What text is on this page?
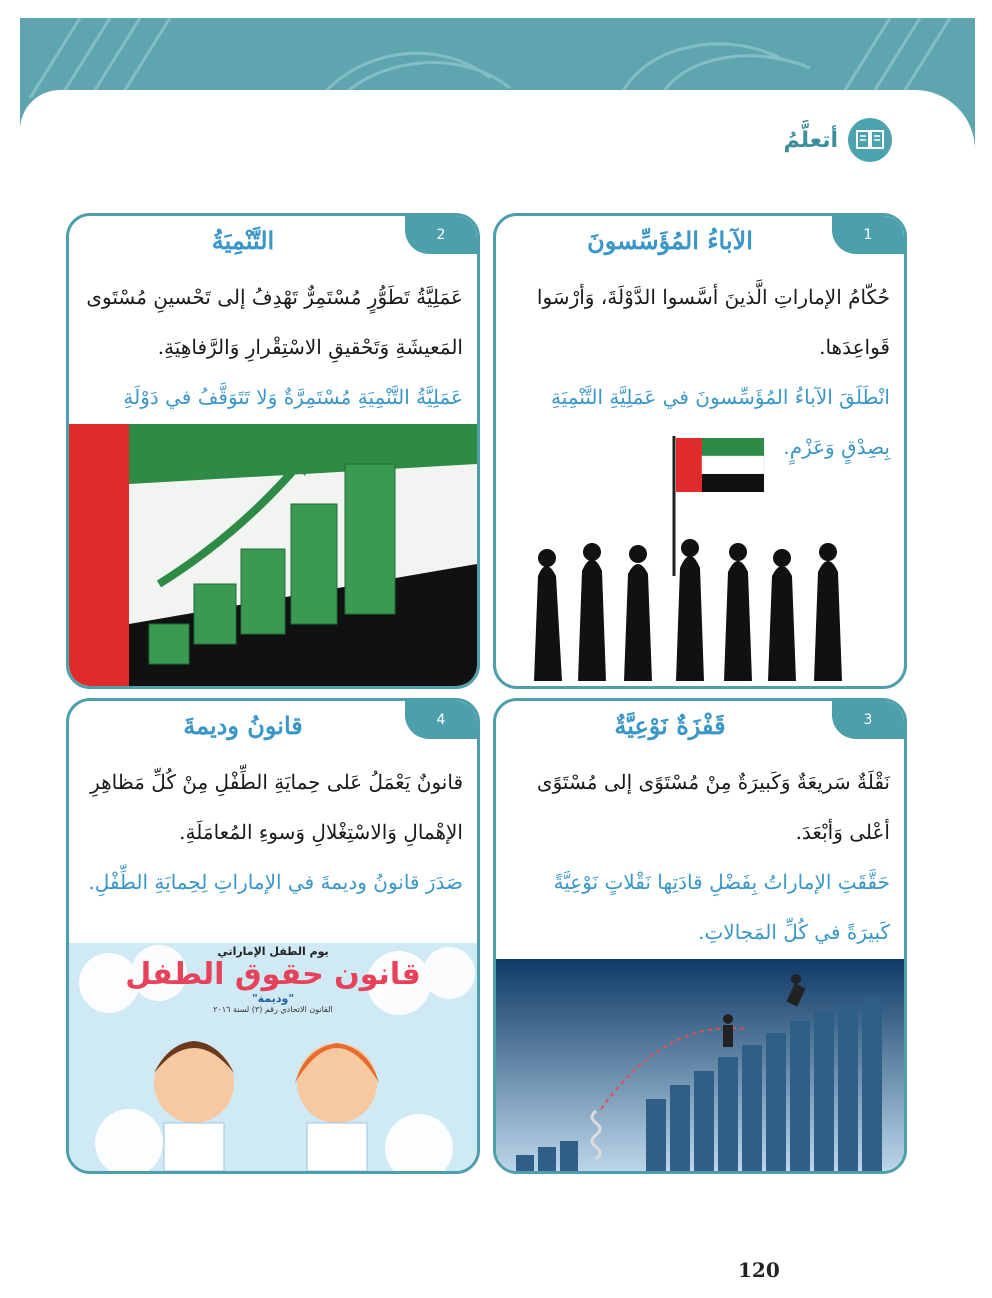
أتعلَّمُ
1
الآباءُ المُؤَسِّسونَ
حُكّامُ الإماراتِ الَّذينَ أسَّسوا الدَّوْلَةَ، وَأرْسَوا قَواعِدَها.
انْطَلَقَ الآباءُ المُؤَسِّسونَ في عَمَلِيَّةِ التَّنْمِيَةِ بِصِدْقٍ وَعَزْمٍ.
2
التَّنْمِيَةُ
عَمَلِيَّةُ تَطَوُّرٍ مُسْتَمِرٌّ تَهْدِفُ إلى تَحْسينِ مُسْتَوى المَعيشَةِ وَتَحْقيقِ الاسْتِقْرارِ وَالرَّفاهِيَةِ.
عَمَلِيَّةُ التَّنْمِيَةِ مُسْتَمِرَّةٌ وَلا تَتَوَقَّفُ في دَوْلَةِ
3
قَفْزَةٌ نَوْعِيَّةٌ
نَقْلَةٌ سَريعَةٌ وَكَبيرَةٌ مِنْ مُسْتَوًى إلى مُسْتَوًى أعْلى وَأبْعَدَ.
حَقَّقَتِ الإماراتُ بِفَضْلِ قادَتِها نَقْلاتٍ نَوْعِيَّةً كَبيرَةً في كُلِّ المَجالاتِ.
4
قانونُ وديمةَ
قانونٌ يَعْمَلُ عَلى حِمايَةِ الطِّفْلِ مِنْ كُلِّ مَظاهِرِ الإهْمالِ وَالاسْتِغْلالِ وَسوءِ المُعامَلَةِ.
صَدَرَ قانونُ وديمةَ في الإماراتِ لِحِمايَةِ الطِّفْلِ.
يوم الطفل الإماراتي
قانون حقوق الطفل
"وديمة"
القانون الاتحادي رقم (٣) لسنة ٢٠١٦
120
